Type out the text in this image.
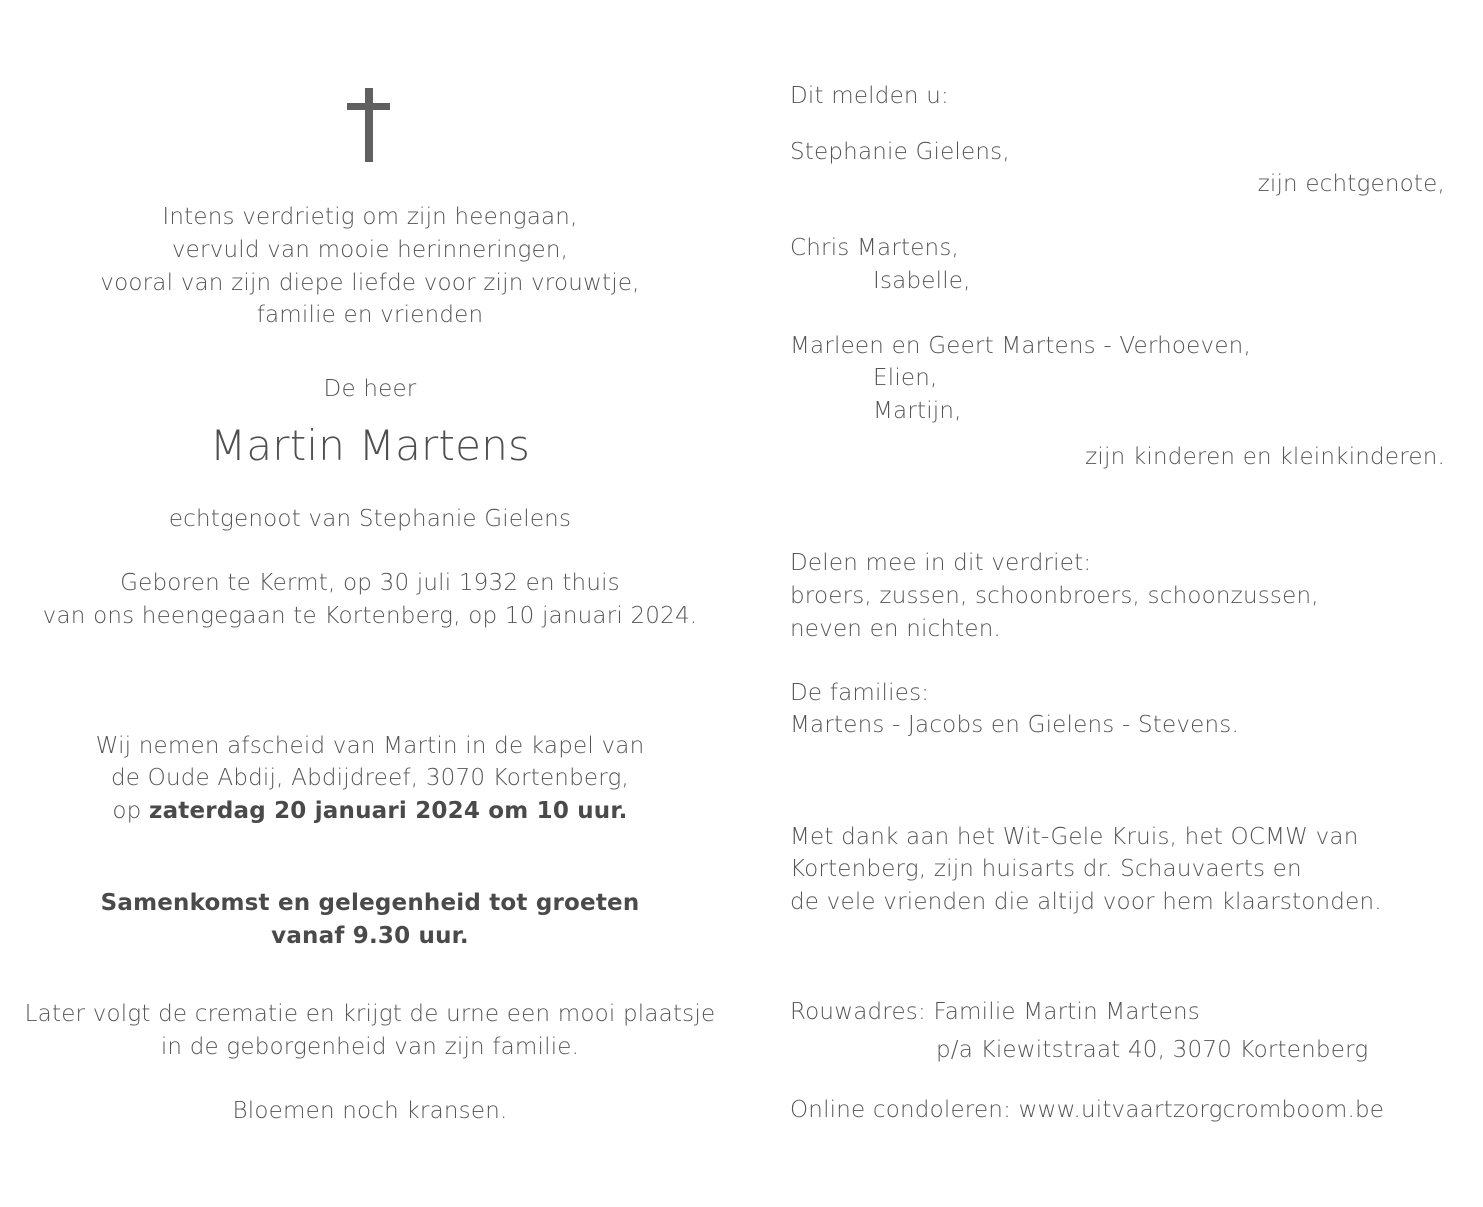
Intens verdrietig om zijn heengaan,
vervuld van mooie herinneringen,
vooral van zijn diepe liefde voor zijn vrouwtje,
familie en vrienden
De heer
Martin Martens
echtgenoot van Stephanie Gielens
Geboren te Kermt, op 30 juli 1932 en thuis
van ons heengegaan te Kortenberg, op 10 januari 2024.
Wij nemen afscheid van Martin in de kapel van
de Oude Abdij, Abdijdreef, 3070 Kortenberg,
op zaterdag 20 januari 2024 om 10 uur.
Samenkomst en gelegenheid tot groeten
vanaf 9.30 uur.
Later volgt de crematie en krijgt de urne een mooi plaatsje
in de geborgenheid van zijn familie.
Bloemen noch kransen.
Dit melden u:
Stephanie Gielens,
zijn echtgenote,
Chris Martens,
Isabelle,
Marleen en Geert Martens - Verhoeven,
Elien,
Martijn,
zijn kinderen en kleinkinderen.
Delen mee in dit verdriet:
broers, zussen, schoonbroers, schoonzussen,
neven en nichten.
De families:
Martens - Jacobs en Gielens - Stevens.
Met dank aan het Wit-Gele Kruis, het OCMW van
Kortenberg, zijn huisarts dr. Schauvaerts en
de vele vrienden die altijd voor hem klaarstonden.
Rouwadres: Familie Martin Martens
p/a Kiewitstraat 40, 3070 Kortenberg
Online condoleren: www.uitvaartzorgcromboom.be
